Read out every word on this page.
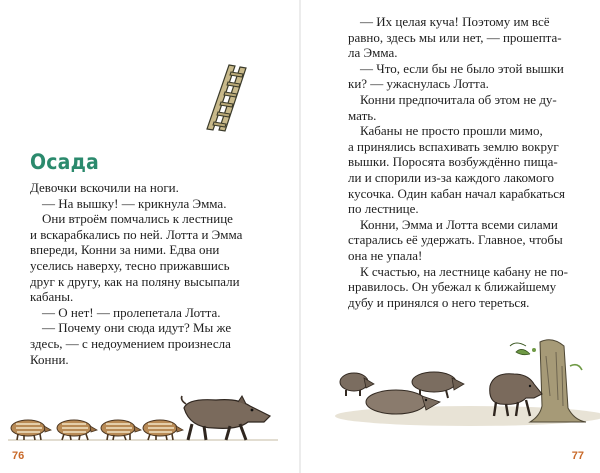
Осада
Девочки вскочили на ноги.
— На вышку! — крикнула Эмма.
Они втроём помчались к лестнице
и вскарабкались по ней. Лотта и Эмма
впереди, Конни за ними. Едва они
уселись наверху, тесно прижавшись
друг к другу, как на поляну высыпали
кабаны.
— О нет! — пролепетала Лотта.
— Почему они сюда идут? Мы же
здесь, — с недоумением произнесла
Конни.
76
— Их целая куча! Поэтому им всё
равно, здесь мы или нет, — прошепта-
ла Эмма.
— Что, если бы не было этой вышки
ки? — ужаснулась Лотта.
Конни предпочитала об этом не ду-
мать.
Кабаны не просто прошли мимо,
а принялись вспахивать землю вокруг
вышки. Поросята возбуждённо пища-
ли и спорили из-за каждого лакомого
кусочка. Один кабан начал карабкаться
по лестнице.
Конни, Эмма и Лотта всеми силами
старались её удержать. Главное, чтобы
она не упала!
К счастью, на лестнице кабану не по-
нравилось. Он убежал к ближайшему
дубу и принялся о него тереться.
77
